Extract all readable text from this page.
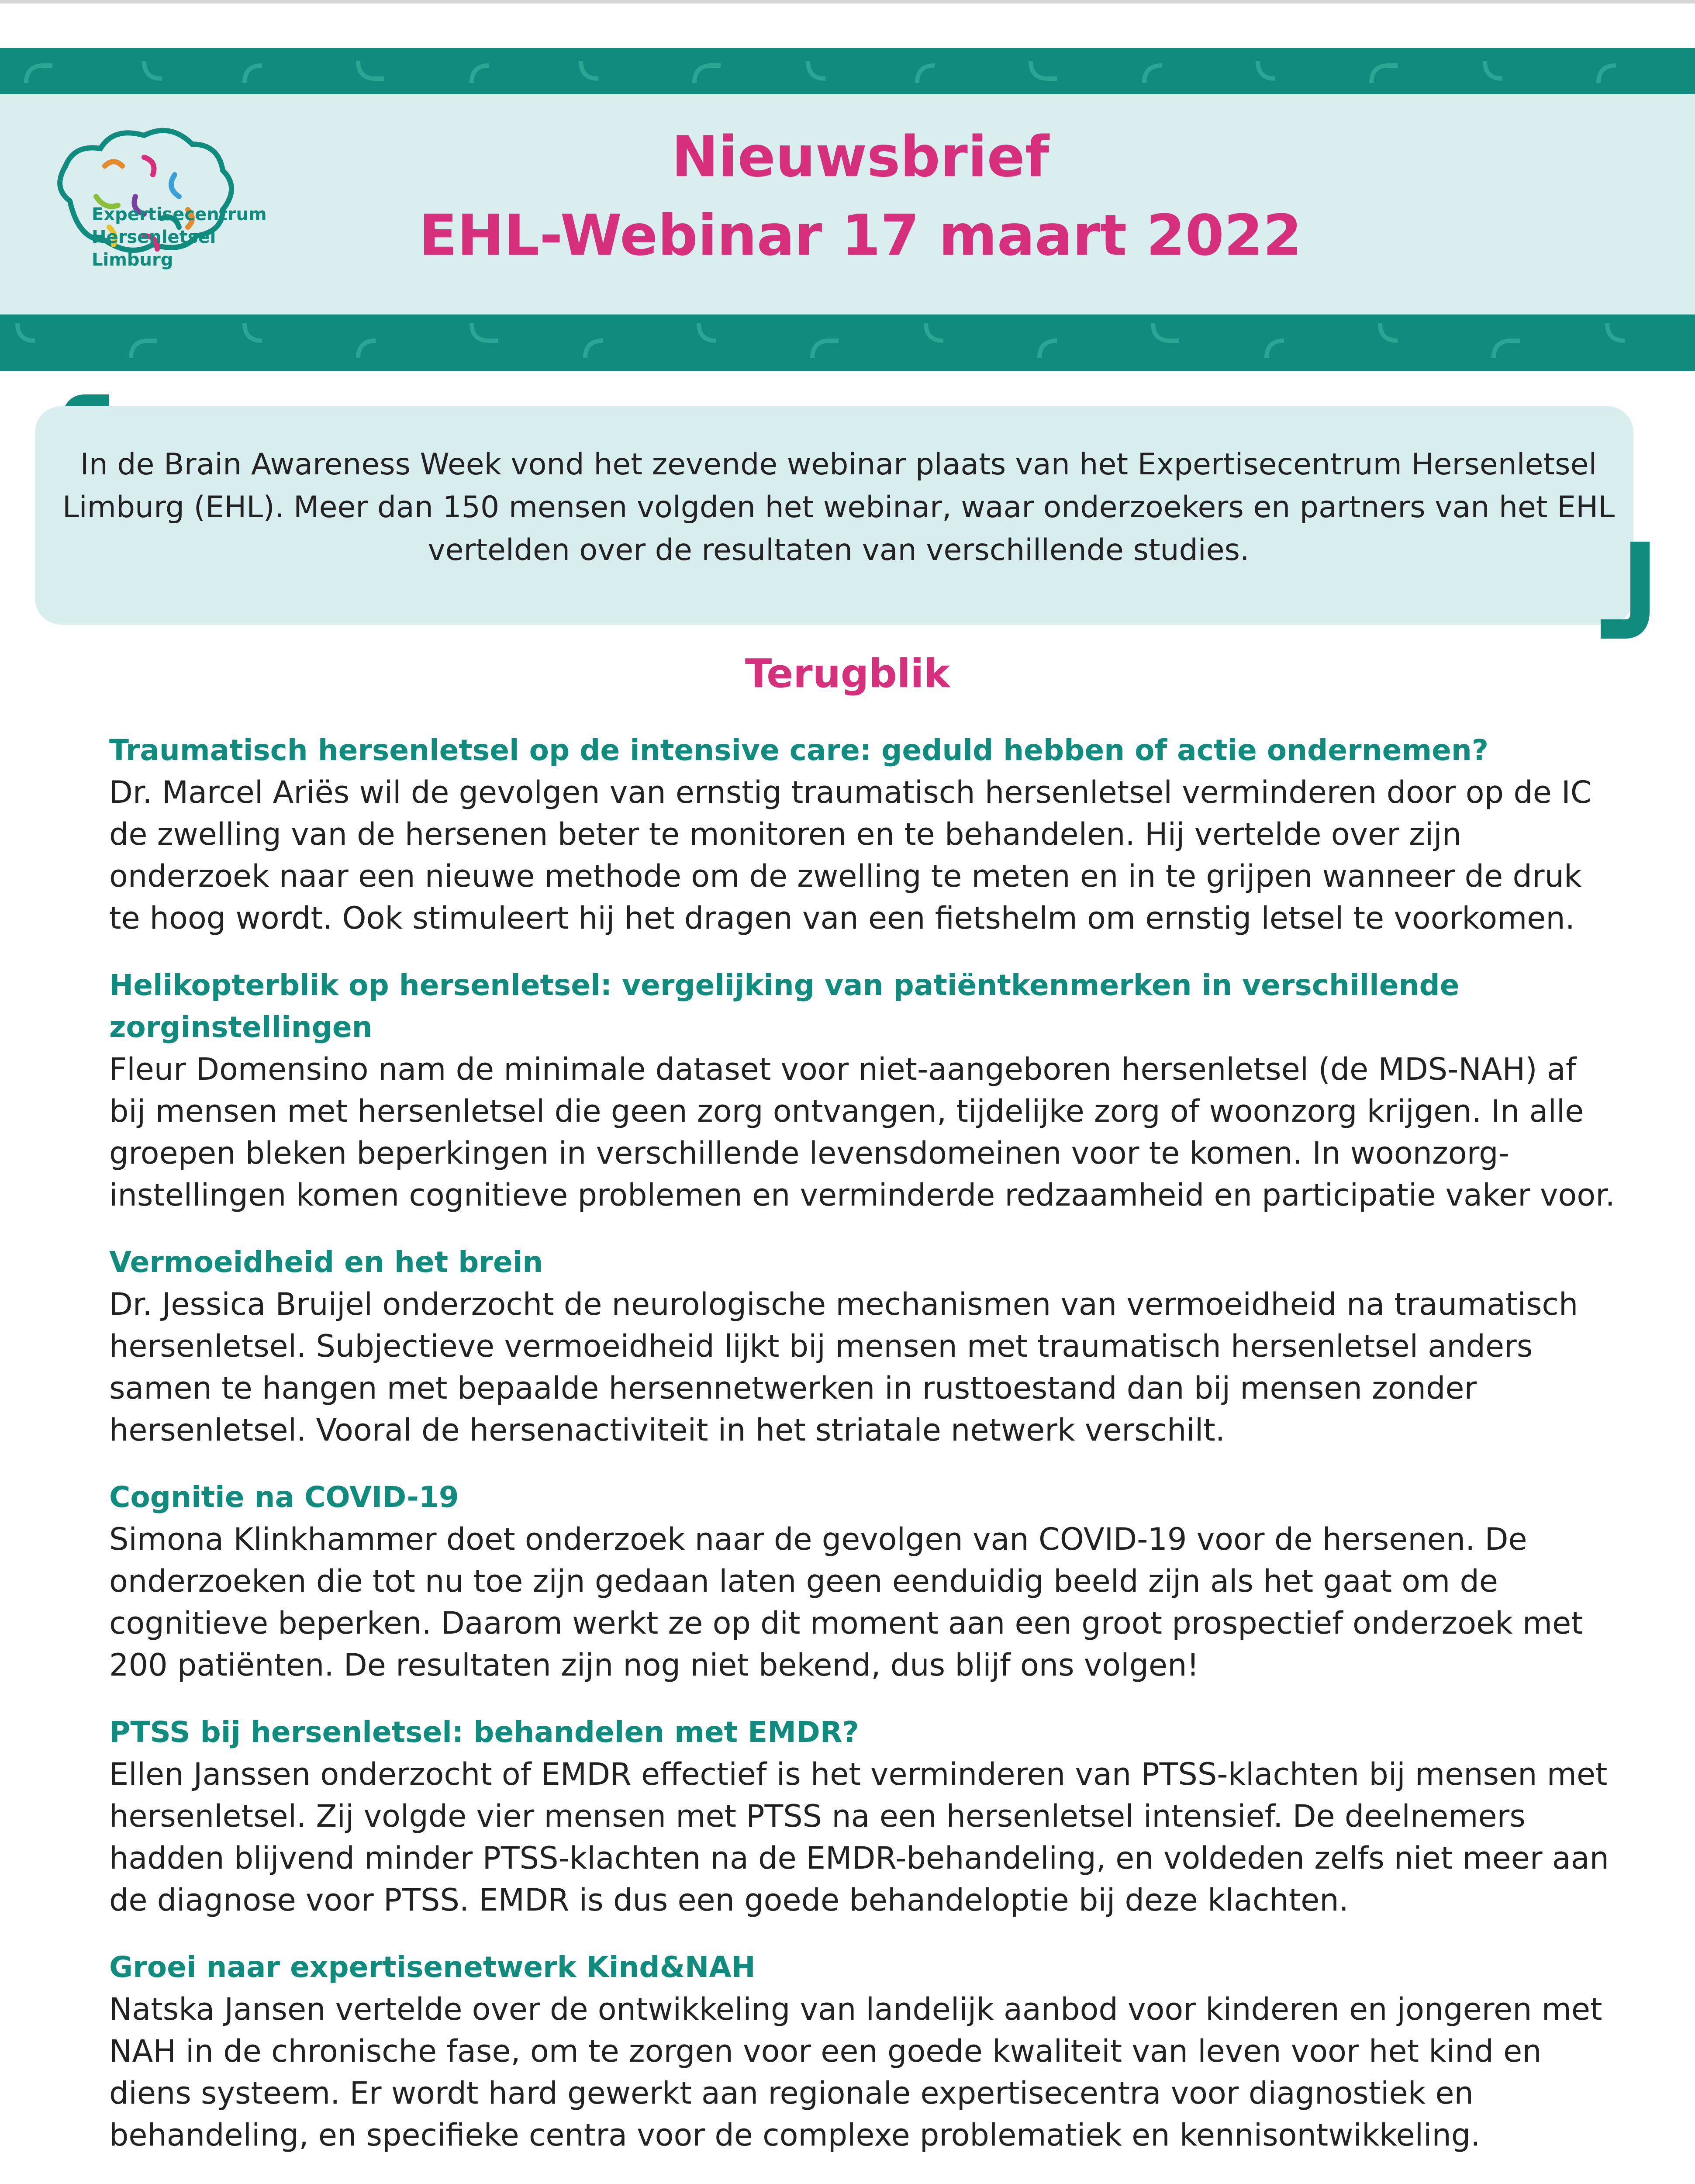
Expertisecentrum
Hersenletsel
Limburg
Nieuwsbrief
EHL-Webinar 17 maart 2022

In de Brain Awareness Week vond het zevende webinar plaats van het Expertisecentrum Hersenletsel Limburg (EHL). Meer dan 150 mensen volgden het webinar, waar onderzoekers en partners van het EHL vertelden over de resultaten van verschillende studies.

Terugblik
Traumatisch hersenletsel op de intensive care: geduld hebben of actie ondernemen?

Dr. Marcel Ariës wil de gevolgen van ernstig traumatisch hersenletsel verminderen door op de IC de zwelling van de hersenen beter te monitoren en te behandelen. Hij vertelde over zijn onderzoek naar een nieuwe methode om de zwelling te meten en in te grijpen wanneer de druk te hoog wordt. Ook stimuleert hij het dragen van een fietshelm om ernstig letsel te voorkomen.

Helikopterblik op hersenletsel: vergelijking van patiëntkenmerken in verschillende zorginstellingen

Fleur Domensino nam de minimale dataset voor niet-aangeboren hersenletsel (de MDS-NAH) af bij mensen met hersenletsel die geen zorg ontvangen, tijdelijke zorg of woonzorg krijgen. In alle groepen bleken beperkingen in verschillende levensdomeinen voor te komen. In woonzorg-instellingen komen cognitieve problemen en verminderde redzaamheid en participatie vaker voor.

Vermoeidheid en het brein

Dr. Jessica Bruijel onderzocht de neurologische mechanismen van vermoeidheid na traumatisch hersenletsel. Subjectieve vermoeidheid lijkt bij mensen met traumatisch hersenletsel anders samen te hangen met bepaalde hersennetwerken in rusttoestand dan bij mensen zonder hersenletsel. Vooral de hersenactiviteit in het striatale netwerk verschilt.

Cognitie na COVID-19

Simona Klinkhammer doet onderzoek naar de gevolgen van COVID-19 voor de hersenen. De onderzoeken die tot nu toe zijn gedaan laten geen eenduidig beeld zijn als het gaat om de cognitieve beperken. Daarom werkt ze op dit moment aan een groot prospectief onderzoek met 200 patiënten. De resultaten zijn nog niet bekend, dus blijf ons volgen!

PTSS bij hersenletsel: behandelen met EMDR?

Ellen Janssen onderzocht of EMDR effectief is het verminderen van PTSS-klachten bij mensen met hersenletsel. Zij volgde vier mensen met PTSS na een hersenletsel intensief. De deelnemers hadden blijvend minder PTSS-klachten na de EMDR-behandeling, en voldeden zelfs niet meer aan de diagnose voor PTSS. EMDR is dus een goede behandeloptie bij deze klachten.

Groei naar expertisenetwerk Kind&NAH

Natska Jansen vertelde over de ontwikkeling van landelijk aanbod voor kinderen en jongeren met NAH in de chronische fase, om te zorgen voor een goede kwaliteit van leven voor het kind en diens systeem. Er wordt hard gewerkt aan regionale expertisecentra voor diagnostiek en behandeling, en specifieke centra voor de complexe problematiek en kennisontwikkeling.
